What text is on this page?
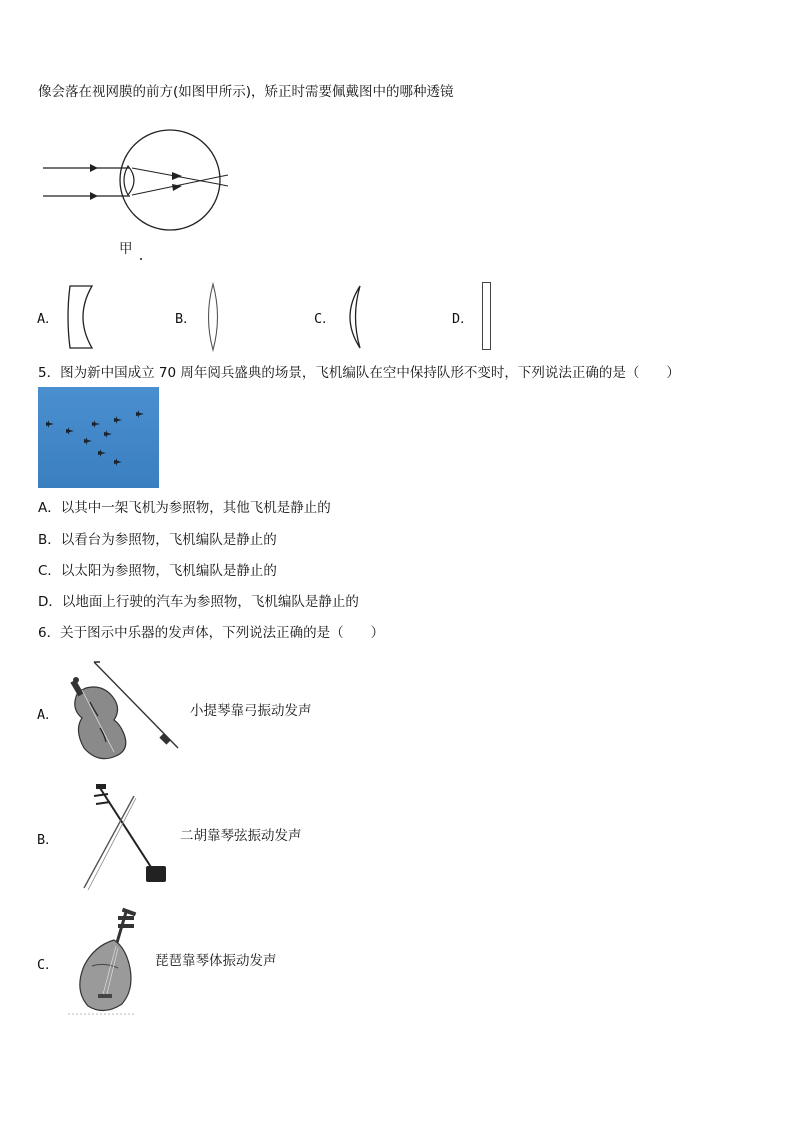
像会落在视网膜的前方(如图甲所示)，矫正时需要佩戴图中的哪种透镜
甲
A．	B．	C．	D．
5．图为新中国成立 70 周年阅兵盛典的场景，飞机编队在空中保持队形不变时，下列说法正确的是（　　）
A．以其中一架飞机为参照物，其他飞机是静止的
B．以看台为参照物，飞机编队是静止的
C．以太阳为参照物，飞机编队是静止的
D．以地面上行驶的汽车为参照物，飞机编队是静止的
6．关于图示中乐器的发声体，下列说法正确的是（　　）
A．	小提琴靠弓振动发声
B．	二胡靠琴弦振动发声
C．	琵琶靠琴体振动发声
